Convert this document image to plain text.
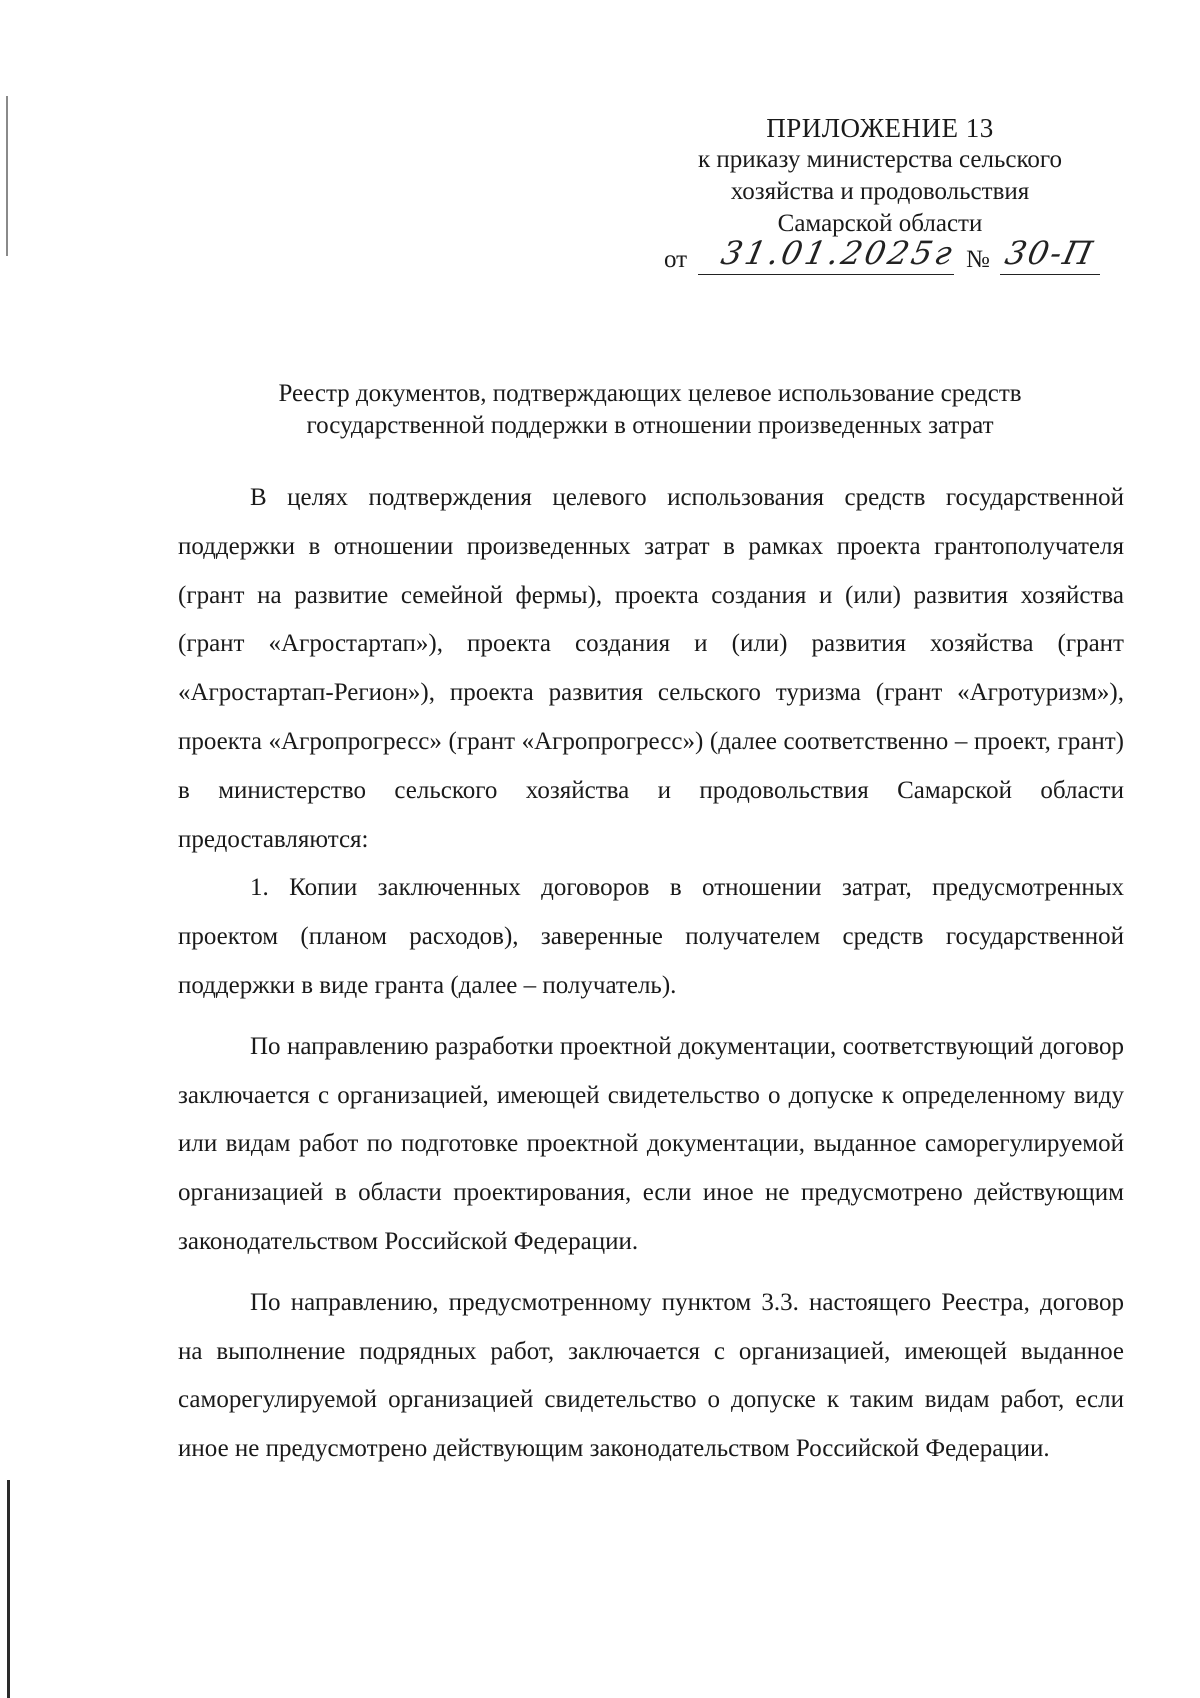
ПРИЛОЖЕНИЕ 13
к приказу министерства сельского
хозяйства и продовольствия
Самарской области
от 31.01.2025г № 30-П
Реестр документов, подтверждающих целевое использование средств
государственной поддержки в отношении произведенных затрат

В целях подтверждения целевого использования средств государственной поддержки в отношении произведенных затрат в рамках проекта грантополучателя (грант на развитие семейной фермы), проекта создания и (или) развития хозяйства (грант «Агростартап»), проекта создания и (или) развития хозяйства (грант «Агростартап-Регион»), проекта развития сельского туризма (грант «Агротуризм»), проекта «Агропрогресс» (грант «Агропрогресс») (далее соответственно – проект, грант) в министерство сельского хозяйства и продовольствия Самарской области предоставляются:

1. Копии заключенных договоров в отношении затрат, предусмотренных проектом (планом расходов), заверенные получателем средств государственной поддержки в виде гранта (далее – получатель).

По направлению разработки проектной документации, соответствующий договор заключается с организацией, имеющей свидетельство о допуске к определенному виду или видам работ по подготовке проектной документации, выданное саморегулируемой организацией в области проектирования, если иное не предусмотрено действующим законодательством Российской Федерации.

По направлению, предусмотренному пунктом 3.3. настоящего Реестра, договор на выполнение подрядных работ, заключается с организацией, имеющей выданное саморегулируемой организацией свидетельство о допуске к таким видам работ, если иное не предусмотрено действующим законодательством Российской Федерации.
